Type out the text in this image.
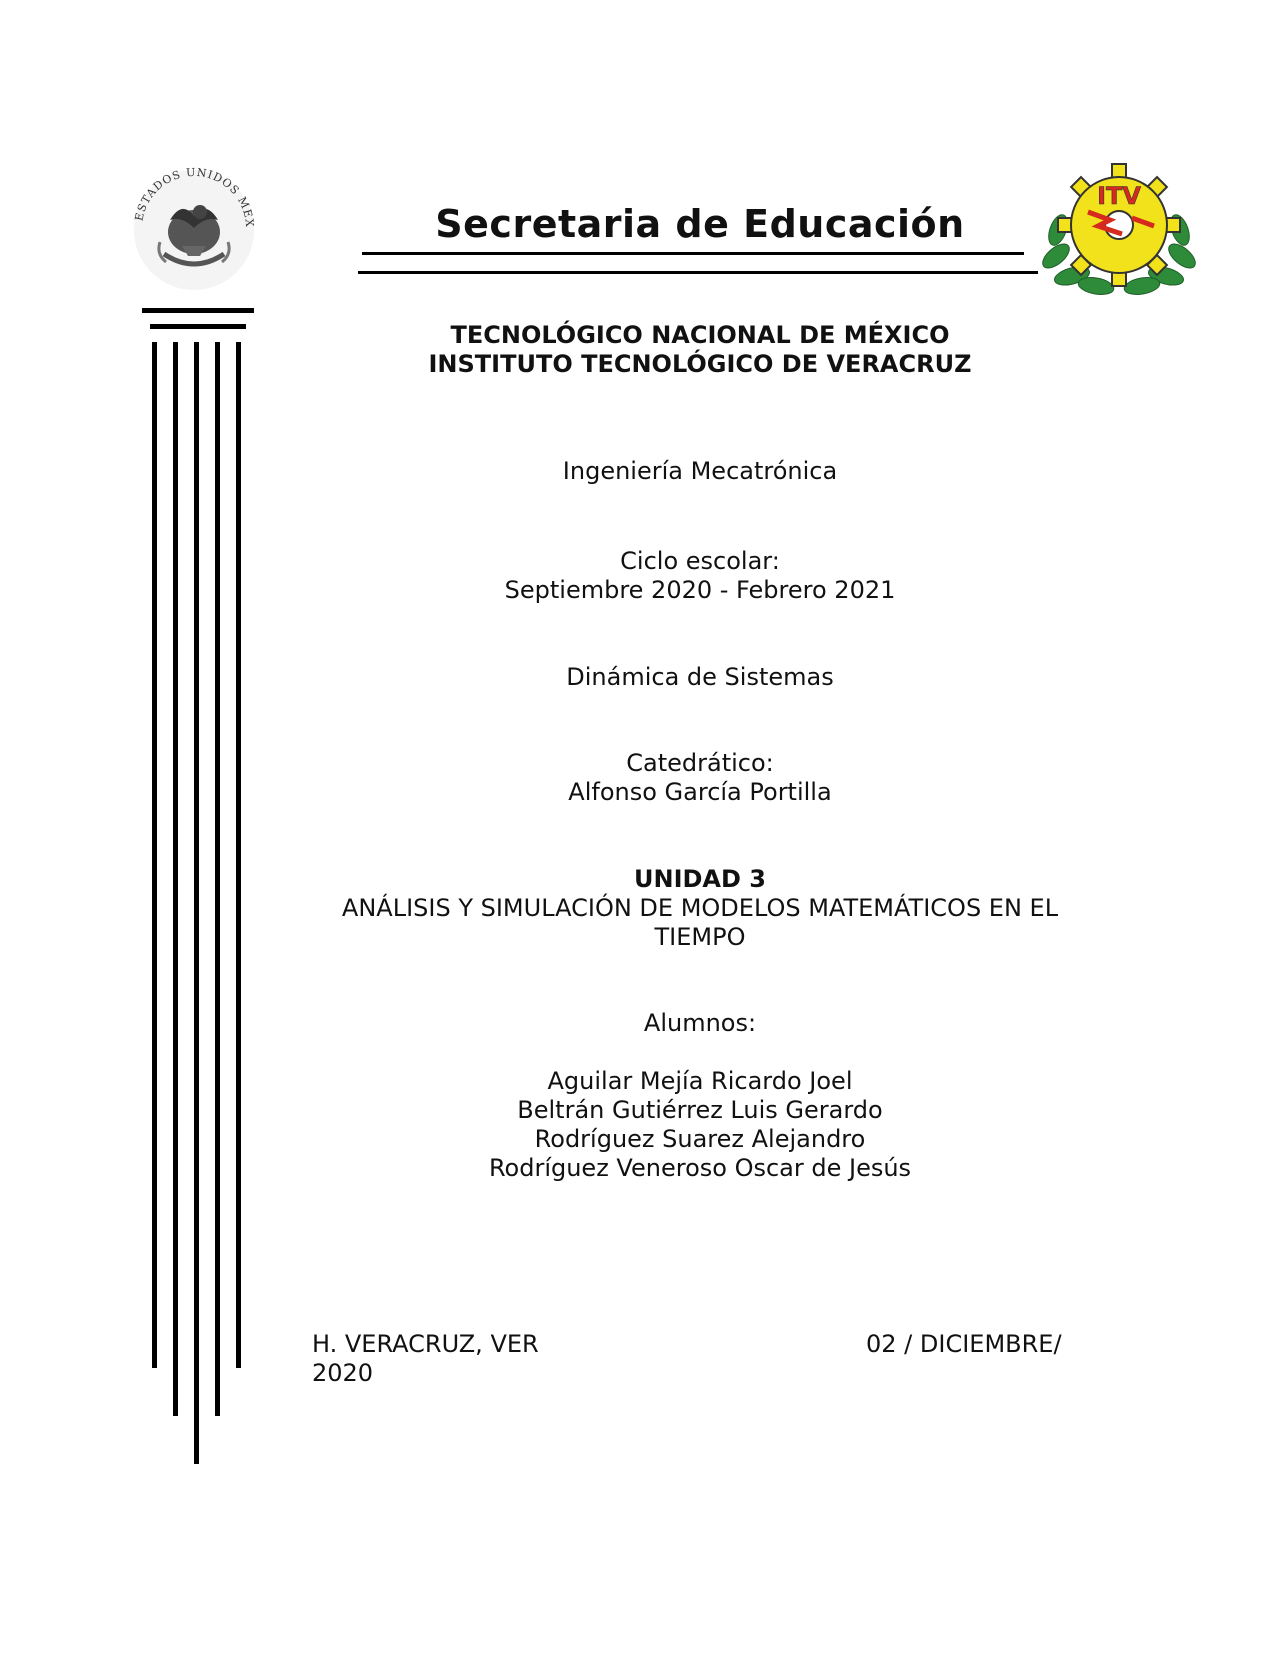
ESTADOS UNIDOS MEX	Secretaria de Educación
ITV
TECNOLÓGICO NACIONAL DE MÉXICO
INSTITUTO TECNOLÓGICO DE VERACRUZ
Ingeniería Mecatrónica
Ciclo escolar:
Septiembre 2020 - Febrero 2021
Dinámica de Sistemas
Catedrático:
Alfonso García Portilla
UNIDAD 3
ANÁLISIS Y SIMULACIÓN DE MODELOS MATEMÁTICOS EN EL
TIEMPO
Alumnos:
Aguilar Mejía Ricardo Joel
Beltrán Gutiérrez Luis Gerardo
Rodríguez Suarez Alejandro
Rodríguez Veneroso Oscar de Jesús
H. VERACRUZ, VER	02 / DICIEMBRE/
2020
